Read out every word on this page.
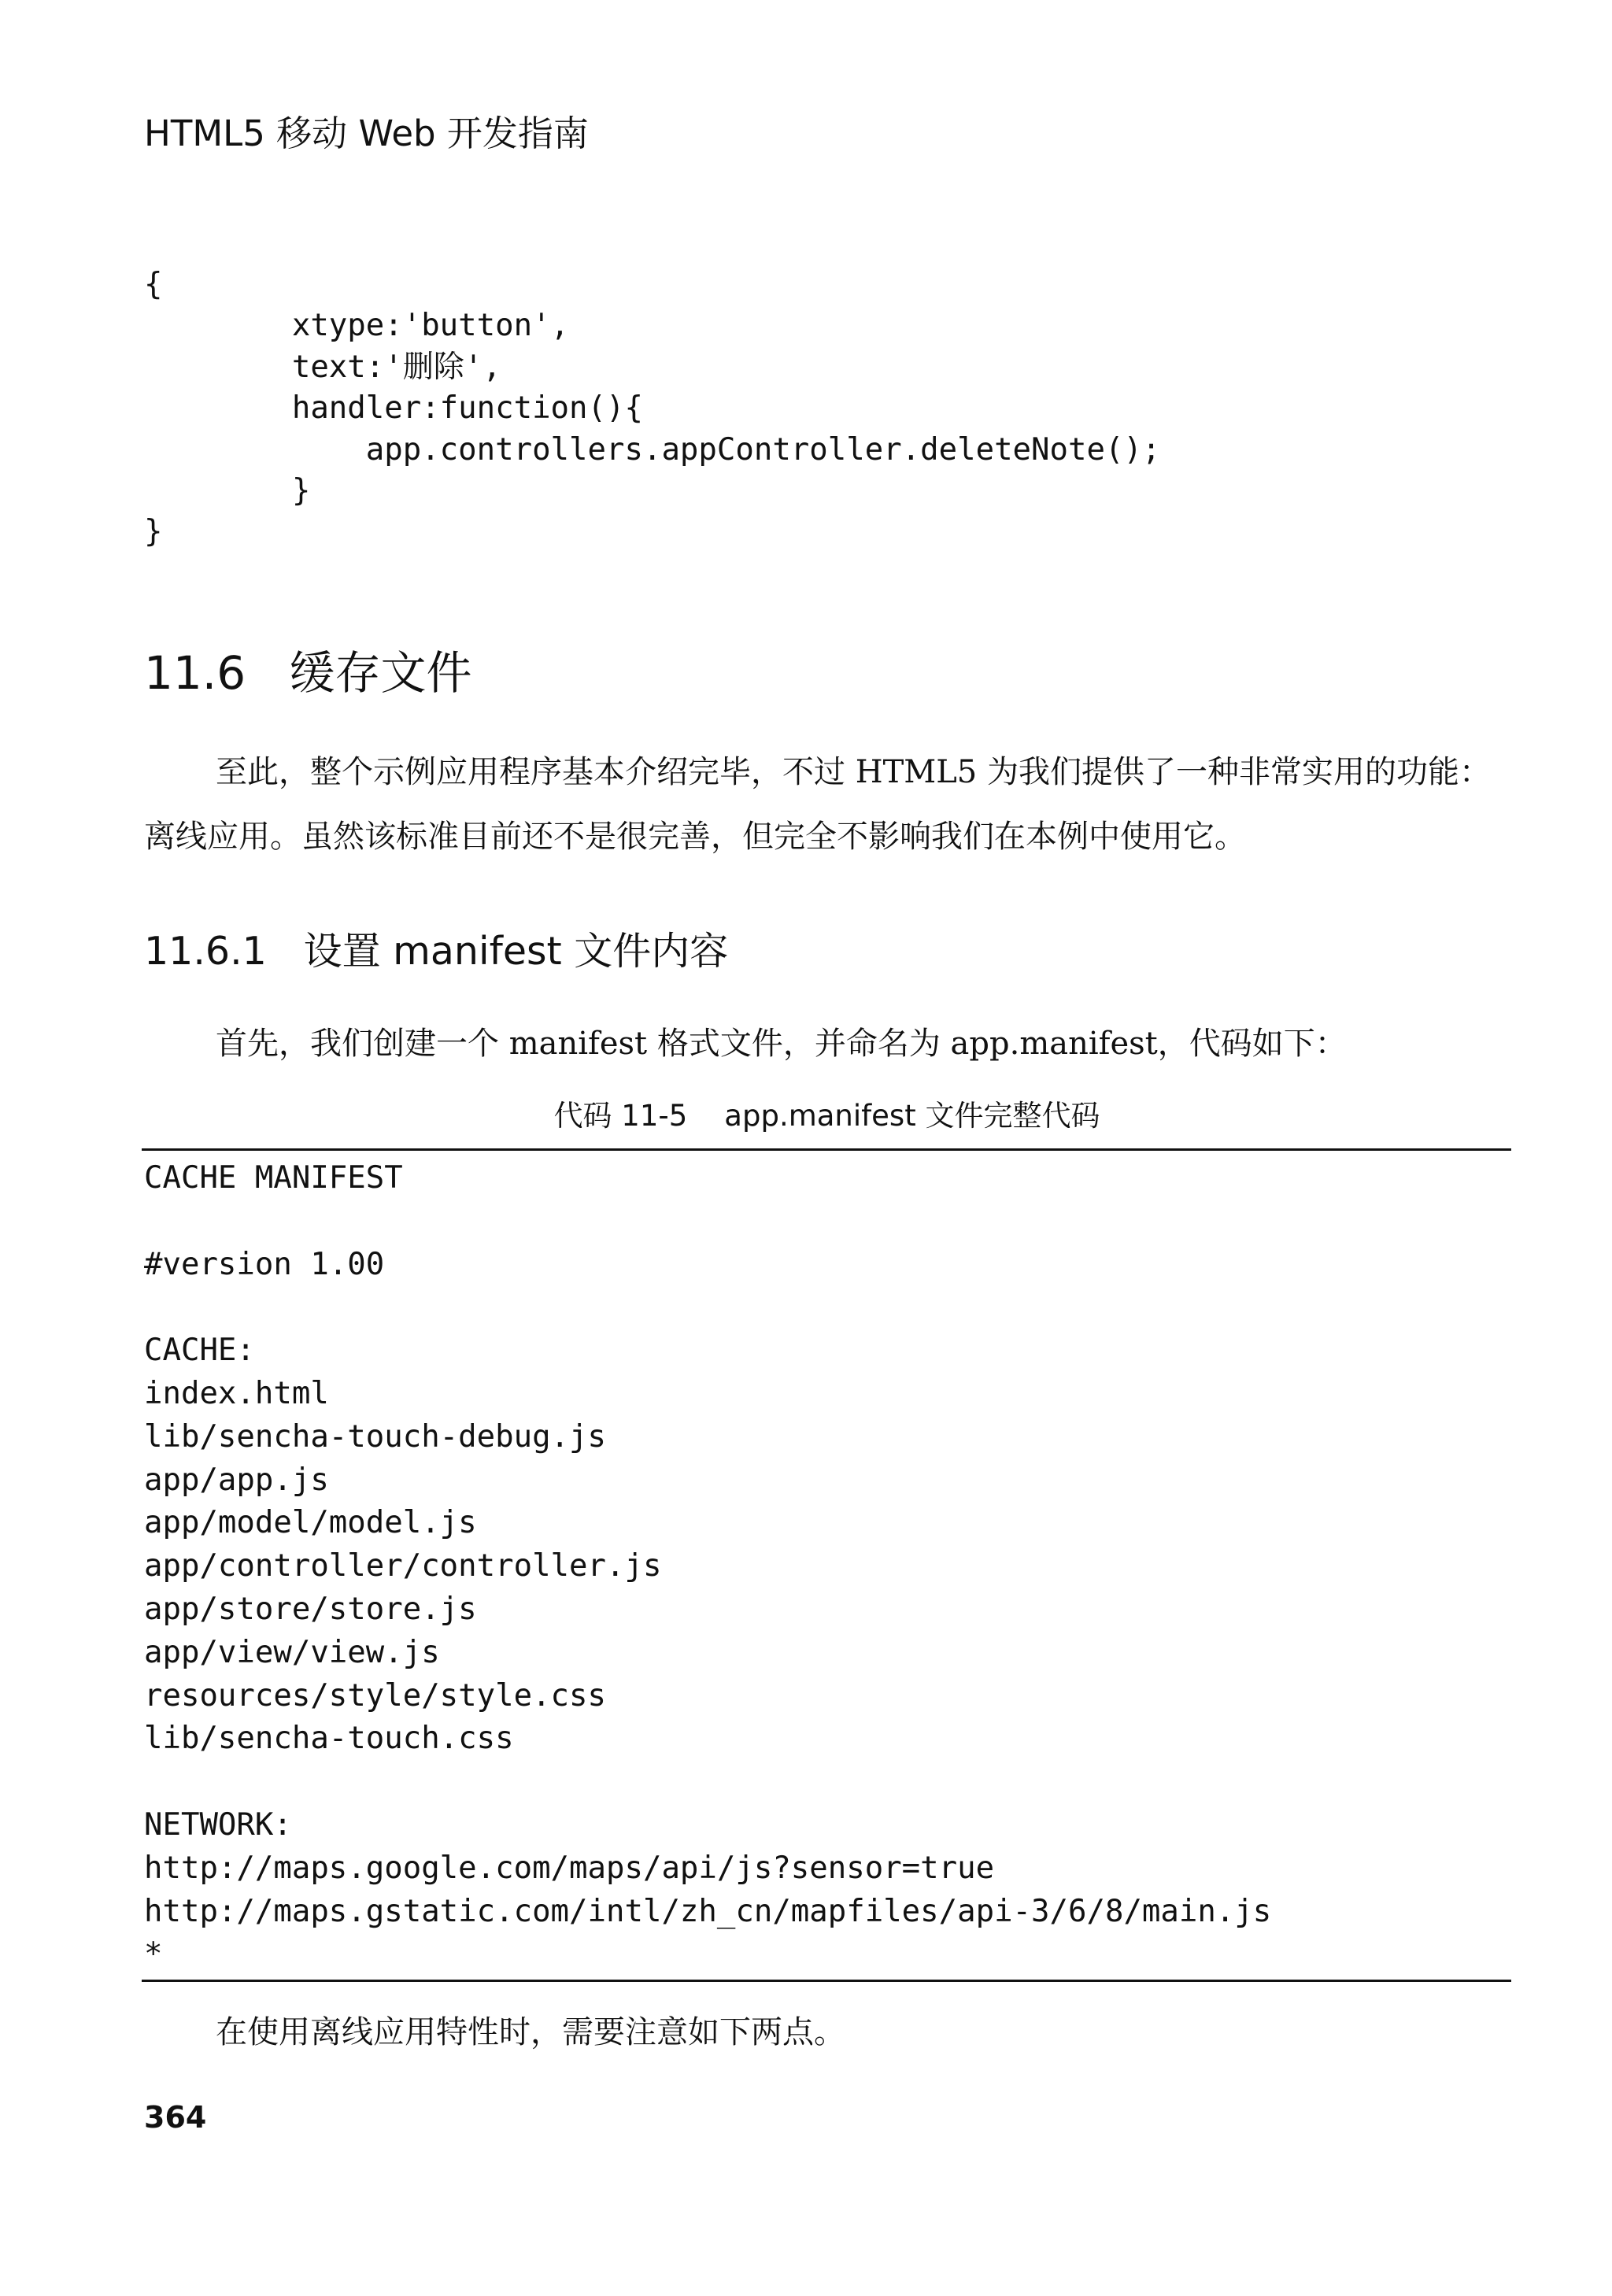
HTML5 移动 Web 开发指南
{
xtype:'button',
text:'删除',
handler:function(){
app.controllers.appController.deleteNote();
}
}
11.6   缓存文件

至此，整个示例应用程序基本介绍完毕，不过 HTML5 为我们提供了一种非常实用的功能：离线应用。虽然该标准目前还不是很完善，但完全不影响我们在本例中使用它。

11.6.1   设置 manifest 文件内容

首先，我们创建一个 manifest 格式文件，并命名为 app.manifest，代码如下：

代码 11-5    app.manifest 文件完整代码
CACHE MANIFEST

#version 1.00

CACHE:
index.html
lib/sencha-touch-debug.js
app/app.js
app/model/model.js
app/controller/controller.js
app/store/store.js
app/view/view.js
resources/style/style.css
lib/sencha-touch.css

NETWORK:
http://maps.google.com/maps/api/js?sensor=true
http://maps.gstatic.com/intl/zh_cn/mapfiles/api-3/6/8/main.js
*

在使用离线应用特性时，需要注意如下两点。

364
